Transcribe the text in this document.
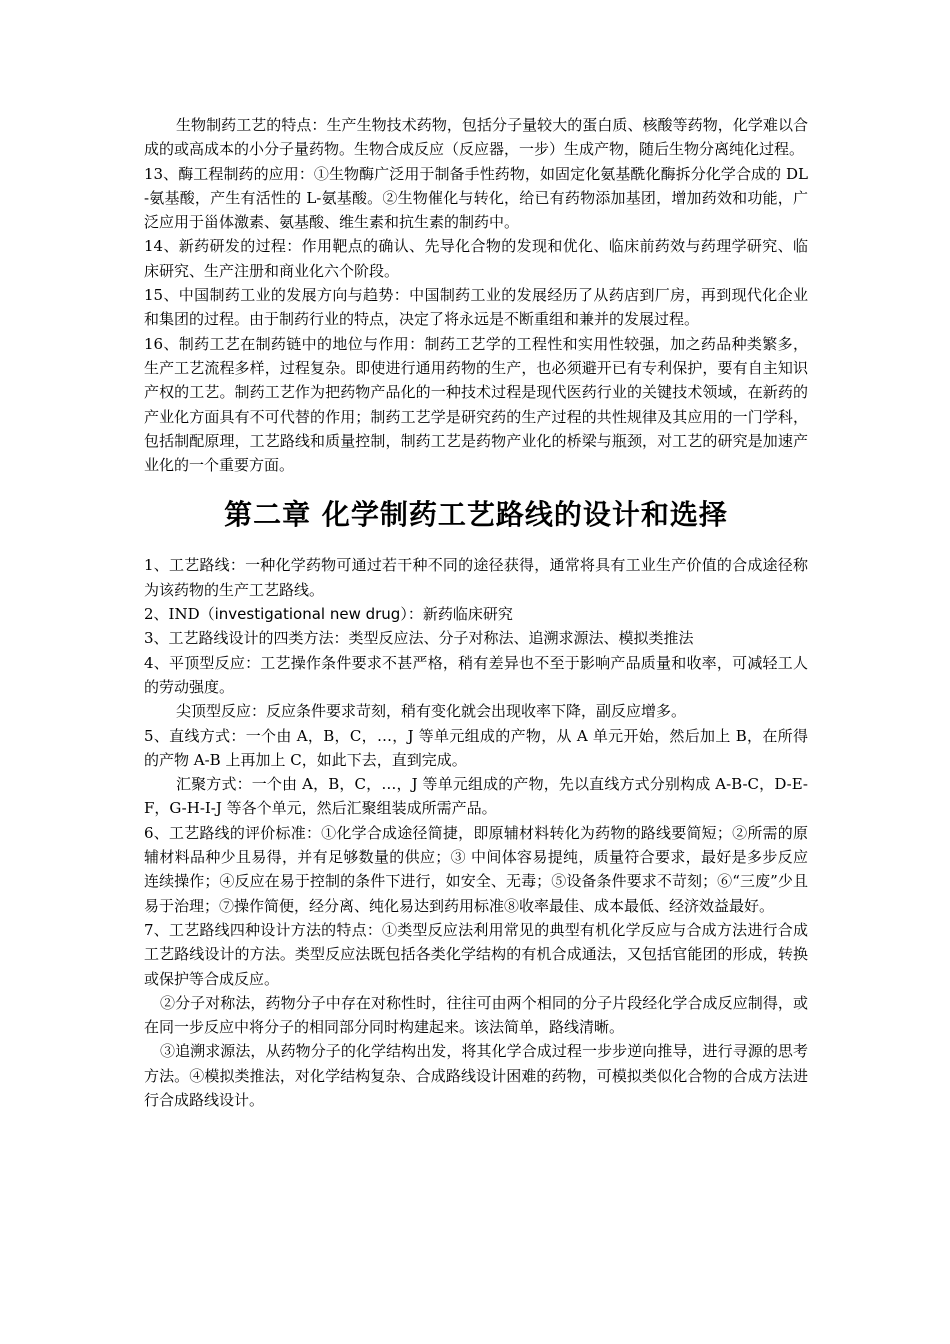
生物制药工艺的特点：生产生物技术药物，包括分子量较大的蛋白质、核酸等药物，化学难以合成的或高成本的小分子量药物。生物合成反应（反应器，一步）生成产物，随后生物分离纯化过程。

13、酶工程制药的应用：①生物酶广泛用于制备手性药物，如固定化氨基酰化酶拆分化学合成的 DL-氨基酸，产生有活性的 L-氨基酸。②生物催化与转化，给已有药物添加基团，增加药效和功能，广泛应用于甾体激素、氨基酸、维生素和抗生素的制药中。

14、新药研发的过程：作用靶点的确认、先导化合物的发现和优化、临床前药效与药理学研究、临床研究、生产注册和商业化六个阶段。

15、中国制药工业的发展方向与趋势：中国制药工业的发展经历了从药店到厂房，再到现代化企业和集团的过程。由于制药行业的特点，决定了将永远是不断重组和兼并的发展过程。

16、制药工艺在制药链中的地位与作用：制药工艺学的工程性和实用性较强，加之药品种类繁多，生产工艺流程多样，过程复杂。即使进行通用药物的生产，也必须避开已有专利保护，要有自主知识产权的工艺。制药工艺作为把药物产品化的一种技术过程是现代医药行业的关键技术领域，在新药的产业化方面具有不可代替的作用；制药工艺学是研究药的生产过程的共性规律及其应用的一门学科，包括制配原理，工艺路线和质量控制，制药工艺是药物产业化的桥梁与瓶颈，对工艺的研究是加速产业化的一个重要方面。

第二章 化学制药工艺路线的设计和选择

1、工艺路线：一种化学药物可通过若干种不同的途径获得，通常将具有工业生产价值的合成途径称为该药物的生产工艺路线。

2、IND（investigational new drug）：新药临床研究

3、工艺路线设计的四类方法：类型反应法、分子对称法、追溯求源法、模拟类推法

4、平顶型反应：工艺操作条件要求不甚严格，稍有差异也不至于影响产品质量和收率，可减轻工人的劳动强度。

尖顶型反应：反应条件要求苛刻，稍有变化就会出现收率下降，副反应增多。

5、直线方式：一个由 A，B，C，…，J 等单元组成的产物，从 A 单元开始，然后加上 B，在所得的产物 A-B 上再加上 C，如此下去，直到完成。

汇聚方式：一个由 A，B，C，…，J 等单元组成的产物，先以直线方式分别构成 A-B-C，D-E-F，G-H-I-J 等各个单元，然后汇聚组装成所需产品。

6、工艺路线的评价标准：①化学合成途径简捷，即原辅材料转化为药物的路线要简短；②所需的原辅材料品种少且易得，并有足够数量的供应；③ 中间体容易提纯，质量符合要求，最好是多步反应连续操作；④反应在易于控制的条件下进行，如安全、无毒；⑤设备条件要求不苛刻；⑥“三废”少且易于治理；⑦操作简便，经分离、纯化易达到药用标准⑧收率最佳、成本最低、经济效益最好。

7、工艺路线四种设计方法的特点：①类型反应法利用常见的典型有机化学反应与合成方法进行合成工艺路线设计的方法。类型反应法既包括各类化学结构的有机合成通法，又包括官能团的形成，转换或保护等合成反应。

②分子对称法，药物分子中存在对称性时，往往可由两个相同的分子片段经化学合成反应制得，或在同一步反应中将分子的相同部分同时构建起来。该法简单，路线清晰。

③追溯求源法，从药物分子的化学结构出发，将其化学合成过程一步步逆向推导，进行寻源的思考方法。④模拟类推法，对化学结构复杂、合成路线设计困难的药物，可模拟类似化合物的合成方法进行合成路线设计。
